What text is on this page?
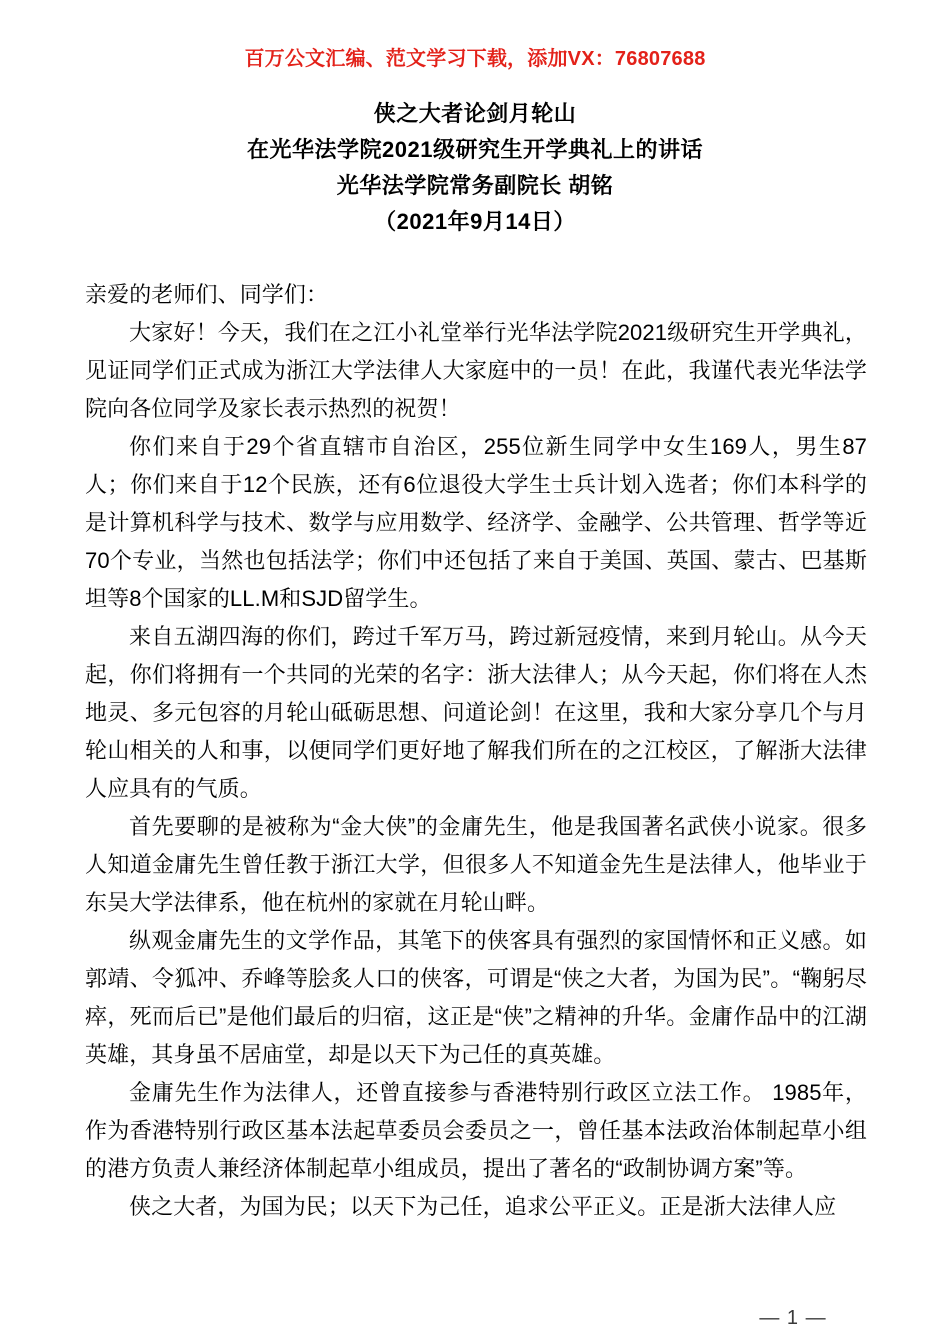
百万公文汇编、范文学习下载，添加VX：76807688
侠之大者论剑月轮山
在光华法学院2021级研究生开学典礼上的讲话
光华法学院常务副院长 胡铭
（2021年9月14日）

亲爱的老师们、同学们：

大家好！今天，我们在之江小礼堂举行光华法学院2021级研究生开学典礼，见证同学们正式成为浙江大学法律人大家庭中的一员！在此，我谨代表光华法学院向各位同学及家长表示热烈的祝贺！

你们来自于29个省直辖市自治区，255位新生同学中女生169人，男生87人；你们来自于12个民族，还有6位退役大学生士兵计划入选者；你们本科学的是计算机科学与技术、数学与应用数学、经济学、金融学、公共管理、哲学等近70个专业，当然也包括法学；你们中还包括了来自于美国、英国、蒙古、巴基斯坦等8个国家的LL.M和SJD留学生。

来自五湖四海的你们，跨过千军万马，跨过新冠疫情，来到月轮山。从今天起，你们将拥有一个共同的光荣的名字：浙大法律人；从今天起，你们将在人杰地灵、多元包容的月轮山砥砺思想、问道论剑！在这里，我和大家分享几个与月轮山相关的人和事，以便同学们更好地了解我们所在的之江校区，了解浙大法律人应具有的气质。

首先要聊的是被称为“金大侠”的金庸先生，他是我国著名武侠小说家。很多人知道金庸先生曾任教于浙江大学，但很多人不知道金先生是法律人，他毕业于东吴大学法律系，他在杭州的家就在月轮山畔。

纵观金庸先生的文学作品，其笔下的侠客具有强烈的家国情怀和正义感。如郭靖、令狐冲、乔峰等脍炙人口的侠客，可谓是“侠之大者，为国为民”。“鞠躬尽瘁，死而后已”是他们最后的归宿，这正是“侠”之精神的升华。金庸作品中的江湖英雄，其身虽不居庙堂，却是以天下为己任的真英雄。

金庸先生作为法律人，还曾直接参与香港特别行政区立法工作。 1985年，作为香港特别行政区基本法起草委员会委员之一，曾任基本法政治体制起草小组的港方负责人兼经济体制起草小组成员，提出了著名的“政制协调方案”等。

侠之大者，为国为民；以天下为己任，追求公平正义。正是浙大法律人应

— 1 —
